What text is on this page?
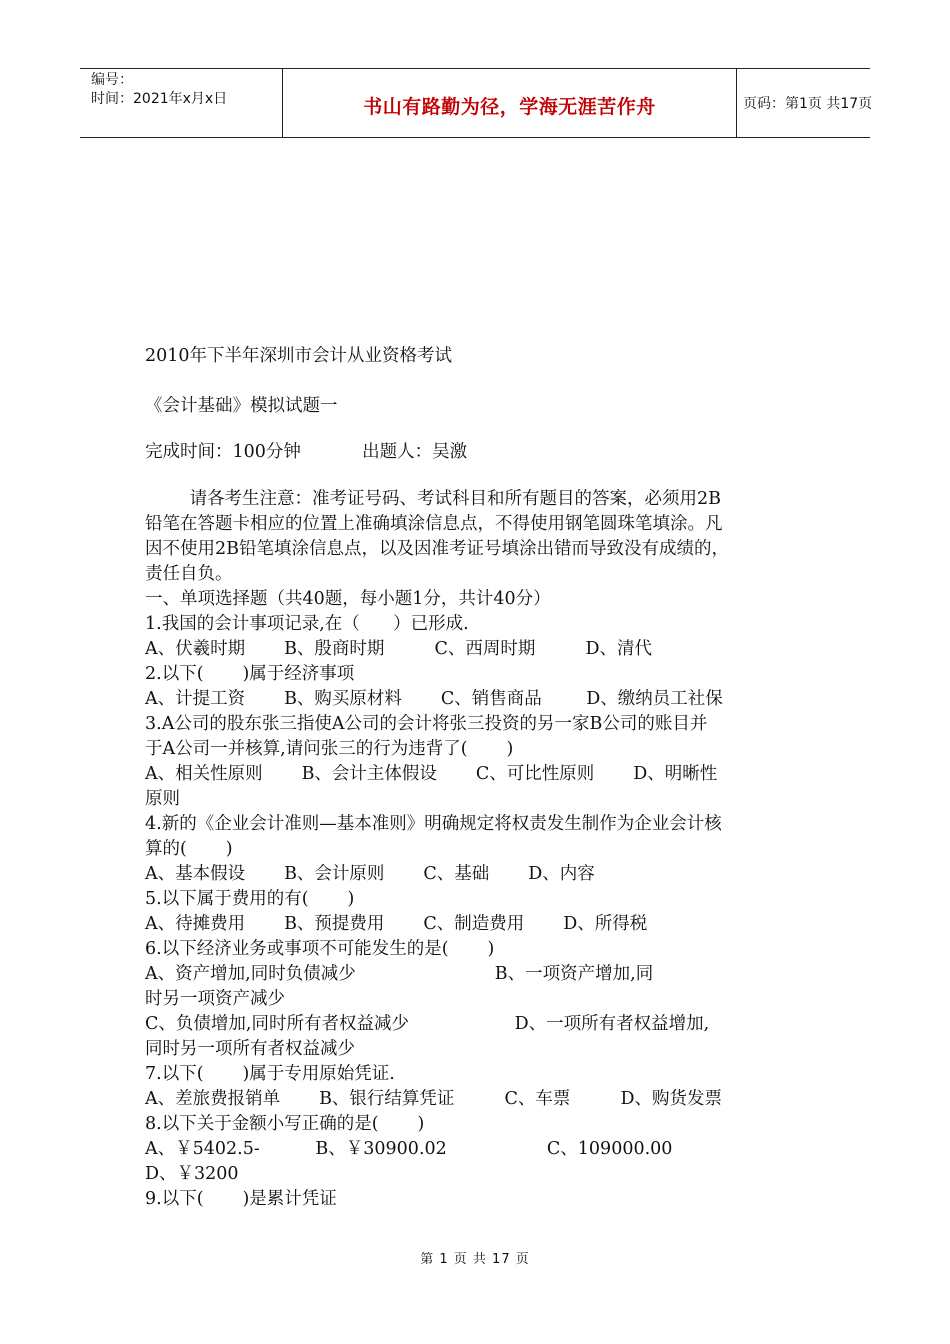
编号：
时间：2021年x月x日	书山有路勤为径，学海无涯苦作舟	页码：第1页 共17页
2010年下半年深圳市会计从业资格考试
《会计基础》模拟试题一
完成时间：100分钟           出题人：吴激
请各考生注意：准考证号码、考试科目和所有题目的答案，必须用2B
铅笔在答题卡相应的位置上准确填涂信息点，不得使用钢笔圆珠笔填涂。凡
因不使用2B铅笔填涂信息点，以及因准考证号填涂出错而导致没有成绩的，
责任自负。
一、单项选择题（共40题，每小题1分，共计40分）
1.我国的会计事项记录,在（      ）已形成.
A、伏羲时期       B、殷商时期         C、西周时期         D、清代
2.以下(       )属于经济事项
A、计提工资       B、购买原材料       C、销售商品        D、缴纳员工社保
3.A公司的股东张三指使A公司的会计将张三投资的另一家B公司的账目并
于A公司一并核算,请问张三的行为违背了(       )
A、相关性原则       B、会计主体假设       C、可比性原则       D、明晰性
原则
4.新的《企业会计准则—基本准则》明确规定将权责发生制作为企业会计核
算的(       )
A、基本假设       B、会计原则       C、基础       D、内容
5.以下属于费用的有(       )
A、待摊费用       B、预提费用       C、制造费用       D、所得税
6.以下经济业务或事项不可能发生的是(       )
A、资产增加,同时负债减少                         B、一项资产增加,同
时另一项资产减少
C、负债增加,同时所有者权益减少                   D、一项所有者权益增加,
同时另一项所有者权益减少
7.以下(       )属于专用原始凭证.
A、差旅费报销单       B、银行结算凭证         C、车票         D、购货发票
8.以下关于金额小写正确的是(       )
A、￥5402.5-          B、￥30900.02                  C、109000.00
D、￥3200
9.以下(       )是累计凭证
第 1 页 共 17 页
